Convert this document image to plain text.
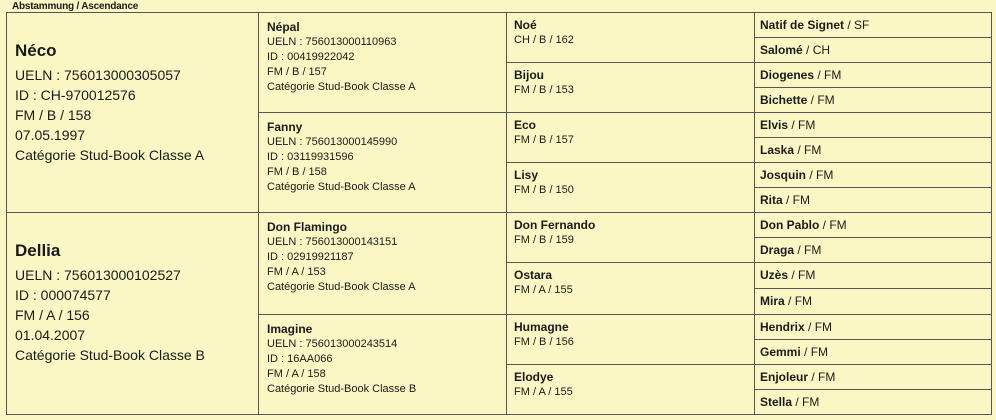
Abstammung / Ascendance
Néco
UELN : 756013000305057
ID : CH-970012576
FM / B / 158
07.05.1997
Catégorie Stud-Book Classe A
Dellia
UELN : 756013000102527
ID : 000074577
FM / A / 156
01.04.2007
Catégorie Stud-Book Classe B
Népal
UELN : 756013000110963
ID : 00419922042
FM / B / 157
Catégorie Stud-Book Classe A
Fanny
UELN : 756013000145990
ID : 03119931596
FM / B / 158
Catégorie Stud-Book Classe A
Don Flamingo
UELN : 756013000143151
ID : 02919921187
FM / A / 153
Catégorie Stud-Book Classe A
Imagine
UELN : 756013000243514
ID : 16AA066
FM / A / 158
Catégorie Stud-Book Classe B
Noé
CH / B / 162
Bijou
FM / B / 153
Eco
FM / B / 157
Lisy
FM / B / 150
Don Fernando
FM / B / 159
Ostara
FM / A / 155
Humagne
FM / B / 156
Elodye
FM / A / 155
Natif de Signet / SF
Salomé / CH
Diogenes / FM
Bichette / FM
Elvis / FM
Laska / FM
Josquin / FM
Rita / FM
Don Pablo / FM
Draga / FM
Uzès / FM
Mira / FM
Hendrix / FM
Gemmi / FM
Enjoleur / FM
Stella / FM
